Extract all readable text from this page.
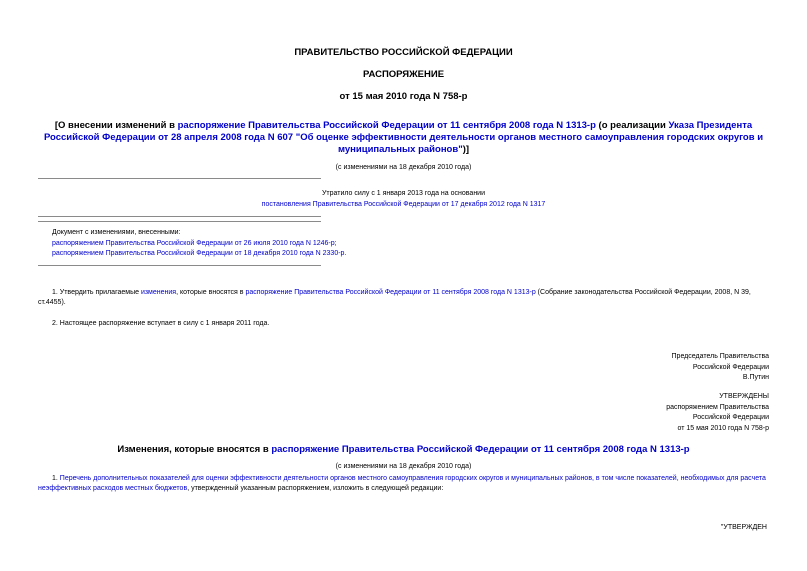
ПРАВИТЕЛЬСТВО РОССИЙСКОЙ ФЕДЕРАЦИИ
РАСПОРЯЖЕНИЕ
от 15 мая 2010 года N 758-р
[О внесении изменений в распоряжение Правительства Российской Федерации от 11 сентября 2008 года N 1313-р (о реализации Указа Президента Российской Федерации от 28 апреля 2008 года N 607 "Об оценке эффективности деятельности органов местного самоуправления городских округов и муниципальных районов")]
(с изменениями на 18 декабря 2010 года)
Утратило силу с 1 января 2013 года на основании
постановления Правительства Российской Федерации от 17 декабря 2012 года N 1317
Документ с изменениями, внесенными:
распоряжением Правительства Российской Федерации от 26 июля 2010 года N 1246-р;
распоряжением Правительства Российской Федерации от 18 декабря 2010 года N 2330-р.
1. Утвердить прилагаемые изменения, которые вносятся в распоряжение Правительства Российской Федерации от 11 сентября 2008 года N 1313-р (Собрание законодательства Российской Федерации, 2008, N 39, ст.4455).
2. Настоящее распоряжение вступает в силу с 1 января 2011 года.
Председатель Правительства
Российской Федерации
В.Путин
УТВЕРЖДЕНЫ
распоряжением Правительства
Российской Федерации
от 15 мая 2010 года N 758-р
Изменения, которые вносятся в распоряжение Правительства Российской Федерации от 11 сентября 2008 года N 1313-р
(с изменениями на 18 декабря 2010 года)
1. Перечень дополнительных показателей для оценки эффективности деятельности органов местного самоуправления городских округов и муниципальных районов, в том числе показателей, необходимых для расчета неэффективных расходов местных бюджетов, утвержденный указанным распоряжением, изложить в следующей редакции:
"УТВЕРЖДЕН
